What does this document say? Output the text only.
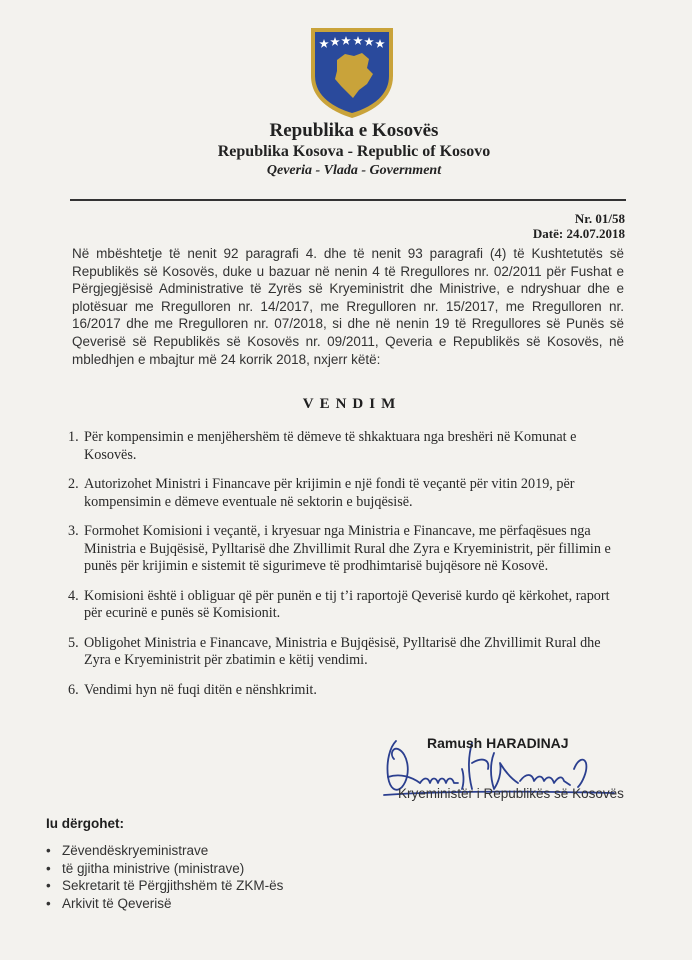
Republika e Kosovës
Republika Kosova - Republic of Kosovo
Qeveria - Vlada - Government
Nr. 01/58
Datë: 24.07.2018

Në mbështetje të nenit 92 paragrafi 4. dhe të nenit 93 paragrafi (4) të Kushtetutës së Republikës së Kosovës, duke u bazuar në nenin 4 të Rregullores nr. 02/2011 për Fushat e Përgjegjësisë Administrative të Zyrës së Kryeministrit dhe Ministrive, e ndryshuar dhe e plotësuar me Rregulloren nr. 14/2017, me Rregulloren nr. 15/2017, me Rregulloren nr. 16/2017 dhe me Rregulloren nr. 07/2018, si dhe në nenin 19 të Rregullores së Punës së Qeverisë së Republikës së Kosovës nr. 09/2011, Qeveria e Republikës së Kosovës, në mbledhjen e mbajtur më 24 korrik 2018, nxjerr këtë:

VENDIM
1. Për kompensimin e menjëhershëm të dëmeve të shkaktuara nga breshëri në Komunat e Kosovës.
2. Autorizohet Ministri i Financave për krijimin e një fondi të veçantë për vitin 2019, për kompensimin e dëmeve eventuale në sektorin e bujqësisë.
3. Formohet Komisioni i veçantë, i kryesuar nga Ministria e Financave, me përfaqësues nga Ministria e Bujqësisë, Pylltarisë dhe Zhvillimit Rural dhe Zyra e Kryeministrit, për fillimin e punës për krijimin e sistemit të sigurimeve të prodhimtarisë bujqësore në Kosovë.
4. Komisioni është i obliguar që për punën e tij t’i raportojë Qeverisë kurdo që kërkohet, raport për ecurinë e punës së Komisionit.
5. Obligohet Ministria e Financave, Ministria e Bujqësisë, Pylltarisë dhe Zhvillimit Rural dhe Zyra e Kryeministrit për zbatimin e këtij vendimi.
6. Vendimi hyn në fuqi ditën e nënshkrimit.
Ramush HARADINAJ
Kryeministër i Republikës së Kosovës
Iu dërgohet:
• Zëvendëskryeministrave
• të gjitha ministrive (ministrave)
• Sekretarit të Përgjithshëm të ZKM-ës
• Arkivit të Qeverisë
